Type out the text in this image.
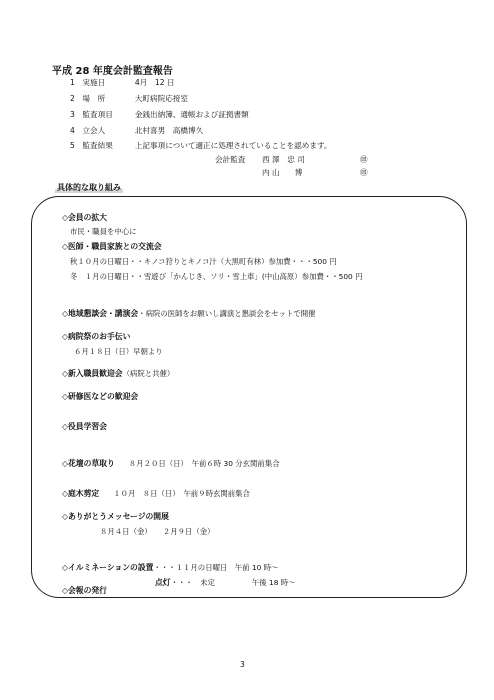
平成 28 年度会計監査報告
1 実施日	4月　12 日
2 場　所	大町病院応接室
3 監査項目	金銭出納簿、通帳および証拠書類
4 立会人	北村喜男　高橋博久
5 監査結果	上記事項について適正に処理されていることを認めます。
会計監査 西 澤　忠 司	㊞
内 山　　博	㊞
具体的な取り組み
◇会員の拡大
市民・職員を中心に
◇医師・職員家族との交流会
秋１０月の日曜日・・キノコ狩りとキノコ汁（大黒町有林）参加費・・・500 円
冬　１月の日曜日・・雪遊び「かんじき、ソリ・雪上車」(中山高原）参加費・・500 円
◇地域懇談会・講演会・病院の医師をお願いし講演と懇談会をセットで開催
◇病院祭のお手伝い
６月１８日（日）早朝より
◇新入職員歓迎会（病院と共催）
◇研修医などの歓迎会
◇役員学習会
◇花壇の草取り ８月２０日（日）　午前６時 30 分玄関前集合
◇庭木剪定 １０月　８日（日）　午前９時玄関前集合
◇ありがとうメッセージの開展
８月４日（金）　　２月９日（金）
◇イルミネーションの設置・・・１１月の日曜日　午前 10 時～
点灯・・・　未定　　　　　午後 18 時～
◇会報の発行
3
